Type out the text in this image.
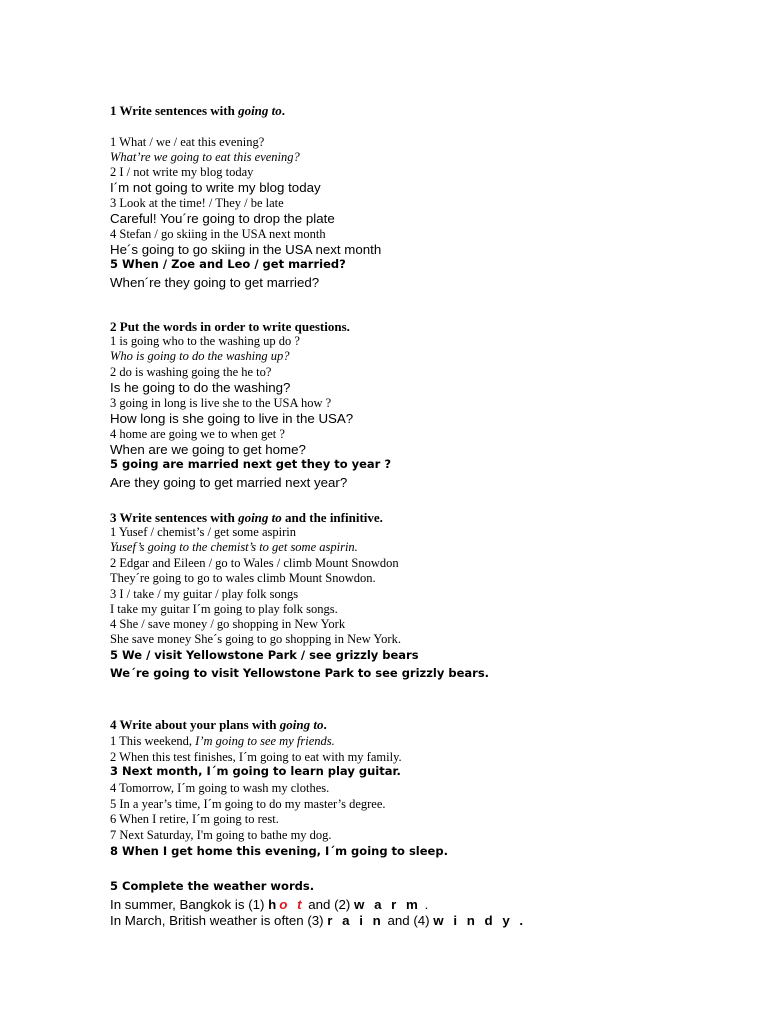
1 Write sentences with going to.
1 What / we / eat this evening?
What’re we going to eat this evening?
2 I / not write my blog today
I´m not going to write my blog today
3 Look at the time! / They / be late
Careful! You´re going to drop the plate
4 Stefan / go skiing in the USA next month
He´s going to go skiing in the USA next month
5 When / Zoe and Leo / get married?
When´re they going to get married?
2 Put the words in order to write questions.
1 is going who to the washing up do ?
Who is going to do the washing up?
2 do is washing going the he to?
Is he going to do the washing?
3 going in long is live she to the USA how ?
How long is she going to live in the USA?
4 home are going we to when get ?
When are we going to get home?
5 going are married next get they to year ?
Are they going to get married next year?
3 Write sentences with going to and the infinitive.
1 Yusef / chemist’s / get some aspirin
Yusef’s going to the chemist’s to get some aspirin.
2 Edgar and Eileen / go to Wales / climb Mount Snowdon
They´re going to go to wales climb Mount Snowdon.
3 I / take / my guitar / play folk songs
I take my guitar I´m going to play folk songs.
4 She / save money / go shopping in New York
She save money She´s going to go shopping in New York.
5 We / visit Yellowstone Park / see grizzly bears
We´re going to visit Yellowstone Park to see grizzly bears.
4 Write about your plans with going to.
1 This weekend, I’m going to see my friends.
2 When this test finishes, I´m going to eat with my family.
3 Next month, I´m going to learn play guitar.
4 Tomorrow, I´m going to wash my clothes.
5 In a year’s time, I´m going to do my master’s degree.
6 When I retire, I´m going to rest.
7 Next Saturday, I'm going to bathe my dog.
8 When I get home this evening, I´m going to sleep.
5 Complete the weather words.
In summer, Bangkok is (1) ho t and (2) w a r m .
In March, British weather is often (3) r a i n and (4) w i n d y .
